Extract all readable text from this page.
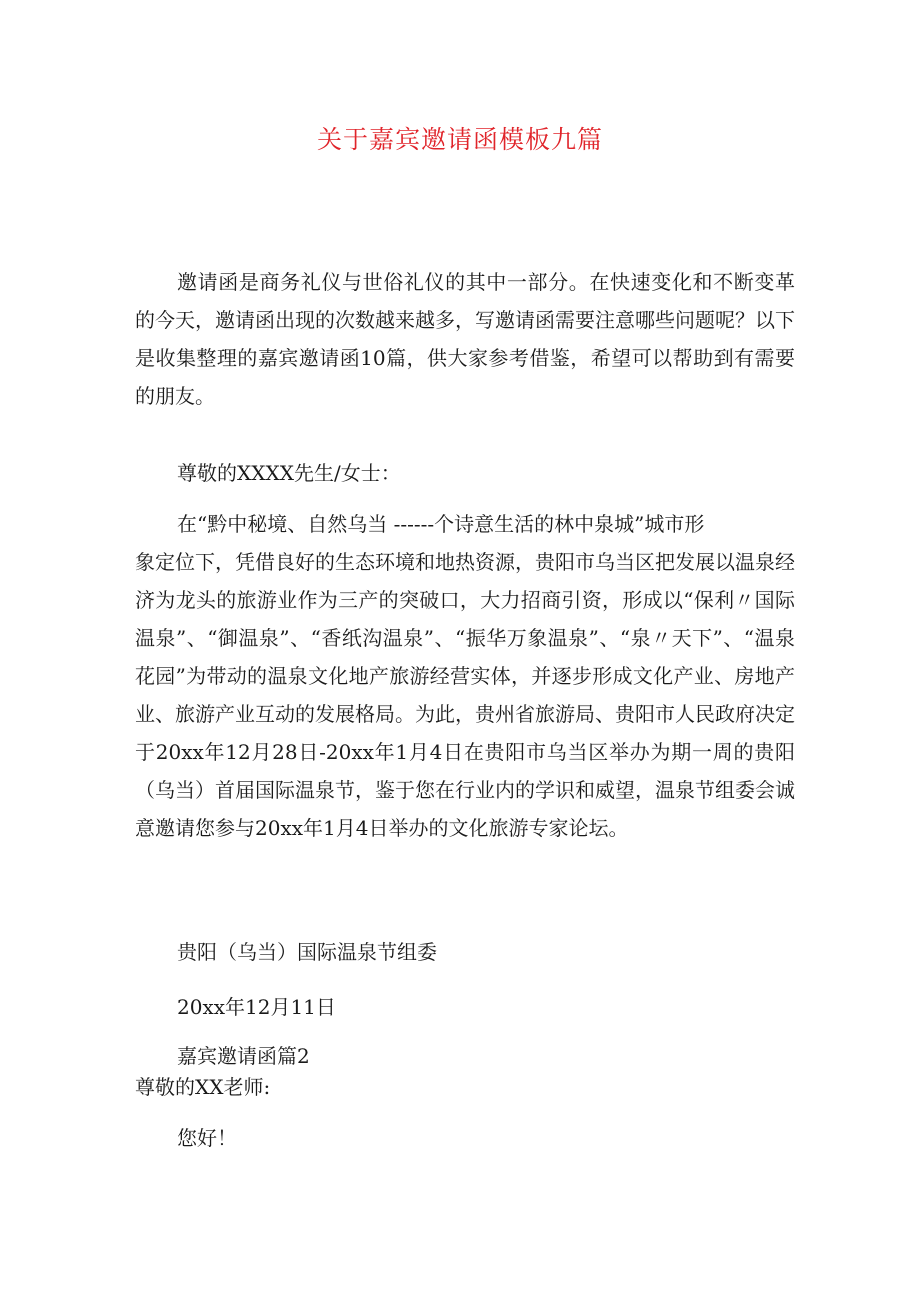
关于嘉宾邀请函模板九篇
邀请函是商务礼仪与世俗礼仪的其中一部分。在快速变化和不断变革的今天，邀请函出现的次数越来越多，写邀请函需要注意哪些问题呢？以下是收集整理的嘉宾邀请函10篇，供大家参考借鉴，希望可以帮助到有需要的朋友。
尊敬的XXXX先生/女士：
在“黔中秘境、自然乌当 ------个诗意生活的林中泉城”城市形
象定位下，凭借良好的生态环境和地热资源，贵阳市乌当区把发展以温泉经济为龙头的旅游业作为三产的突破口，大力招商引资，形成以“保利〃国际温泉”、“御温泉”、“香纸沟温泉”、“振华万象温泉”、“泉〃天下”、“温泉花园”为带动的温泉文化地产旅游经营实体，并逐步形成文化产业、房地产业、旅游产业互动的发展格局。为此，贵州省旅游局、贵阳市人民政府决定于20xx年12月28日-20xx年1月4日在贵阳市乌当区举办为期一周的贵阳（乌当）首届国际温泉节，鉴于您在行业内的学识和威望，温泉节组委会诚意邀请您参与20xx年1月4日举办的文化旅游专家论坛。
贵阳（乌当）国际温泉节组委
20xx年12月11日
嘉宾邀请函篇2
尊敬的XX老师:
您好！
